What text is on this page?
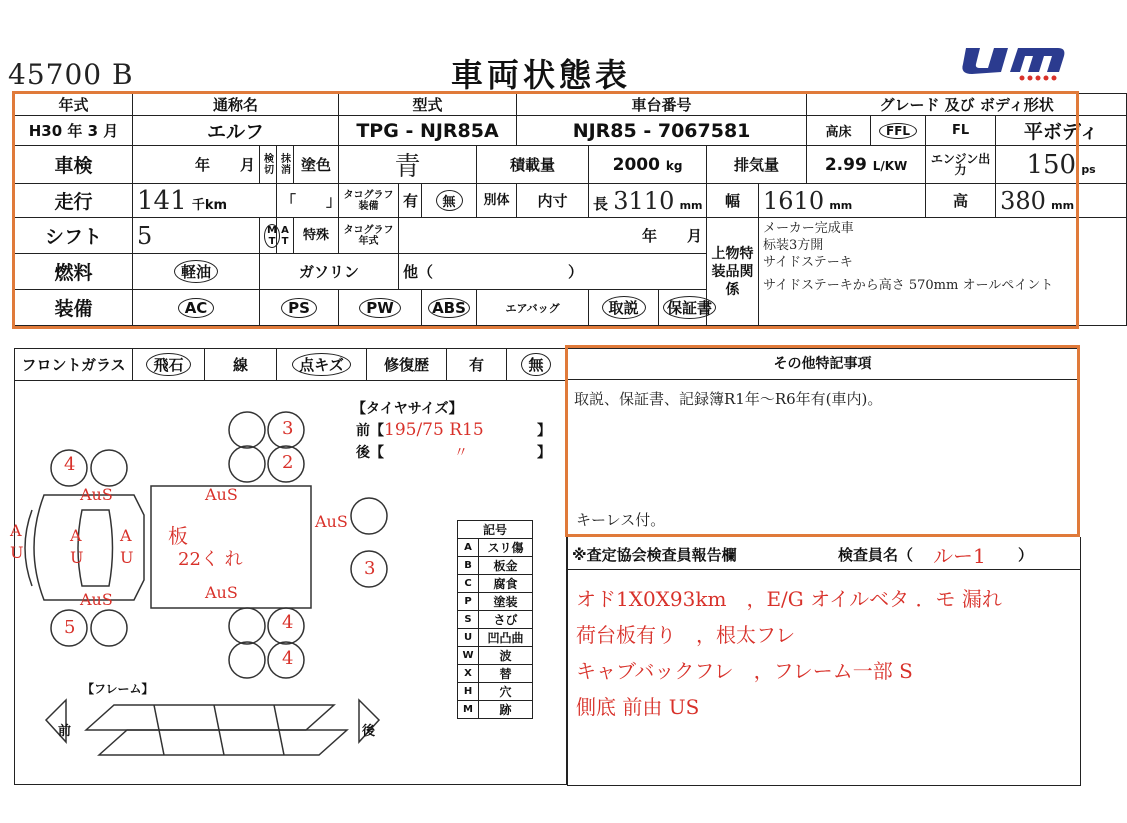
45700 B	車両状態表
年式	通称名				型式				車台番号					グレード 及び ボディ形状			
H30 年 3 月	エルフ				TPG - NJR85A				NJR85 - 7067581					高床	FFL	FL	平ボディ
車検	年　　月	検切	抹消	塗色	青			積載量		2000 kg		排気量		2.99 L/KW		エンジン出力	150 ps
走行	141 千km		「　　」		タコグラフ装備	有	無	別体	内寸	長 3110 mm		幅	1610 mm			高	380 mm
シフト	5	M T	A T	特殊	タコグラフ年式	年　　月						上物特装品関係	メーカー完成車
标装3方開
サイドステーキ
サイドステーキから高さ 570mm オールペイント				

燃料	軽油	ガソリン				他（　　　　　　　　　）											
装備	AC	PS			PW		ABS	エアバッグ		取説	保証書						
フロントガラス	飛石	線	点キズ	修復歴	有	無
【フレーム】
前	後
3
2
3
4
4
4
5
AuS
AuS
AuS
AuS
板
22く れ
A U
A U
A U
AuS
【タイヤサイズ】
前【195/75 R15	】
後【	〃	】
記号	
A	スリ傷
B	板金
C	腐食
P	塗装
S	さび
U	凹凸曲
W	波
X	替
H	穴
M	跡
その他特記事項
取説、保証書、記録簿R1年～R6年有(車内)。
キーレス付。
※査定協会検査員報告欄	検査員名（ ルー1 ）
オド1X0X93km　，E/G オイルベタ ．モ 漏れ
荷台板有り　，根太フレ
キャブバックフレ　，フレーム一部 S
側底 前由 US
